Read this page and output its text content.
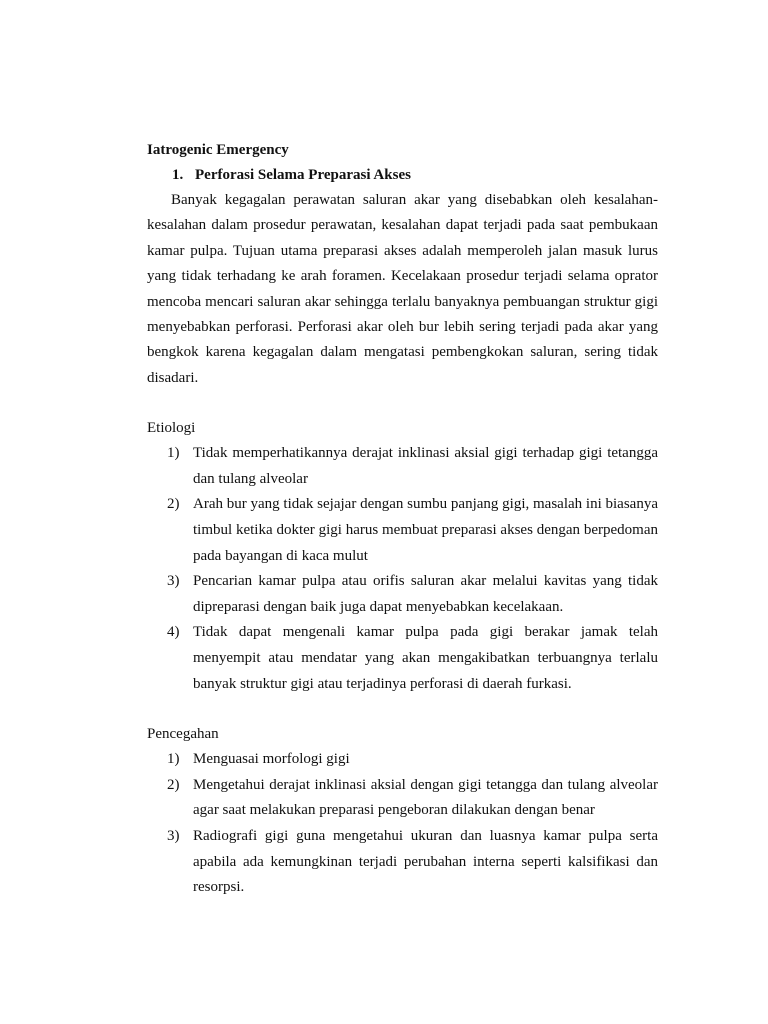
Iatrogenic Emergency

1. Perforasi Selama Preparasi Akses

Banyak kegagalan perawatan saluran akar yang disebabkan oleh kesalahan-kesalahan dalam prosedur perawatan, kesalahan dapat terjadi pada saat pembukaan kamar pulpa. Tujuan utama preparasi akses adalah memperoleh jalan masuk lurus yang tidak terhadang ke arah foramen. Kecelakaan prosedur terjadi selama oprator mencoba mencari saluran akar sehingga terlalu banyaknya pembuangan struktur gigi menyebabkan perforasi. Perforasi akar oleh bur lebih sering terjadi pada akar yang bengkok karena kegagalan dalam mengatasi pembengkokan saluran, sering tidak disadari.

Etiologi

1) Tidak memperhatikannya derajat inklinasi aksial gigi terhadap gigi tetangga dan tulang alveolar
2) Arah bur yang tidak sejajar dengan sumbu panjang gigi, masalah ini biasanya timbul ketika dokter gigi harus membuat preparasi akses dengan berpedoman pada bayangan di kaca mulut
3) Pencarian kamar pulpa atau orifis saluran akar melalui kavitas yang tidak dipreparasi dengan baik juga dapat menyebabkan kecelakaan.
4) Tidak dapat mengenali kamar pulpa pada gigi berakar jamak telah menyempit atau mendatar yang akan mengakibatkan terbuangnya terlalu banyak struktur gigi atau terjadinya perforasi di daerah furkasi.

Pencegahan

1) Menguasai morfologi gigi
2) Mengetahui derajat inklinasi aksial dengan gigi tetangga dan tulang alveolar agar saat melakukan preparasi pengeboran dilakukan dengan benar
3) Radiografi gigi guna mengetahui ukuran dan luasnya kamar pulpa serta apabila ada kemungkinan terjadi perubahan interna seperti kalsifikasi dan resorpsi.
